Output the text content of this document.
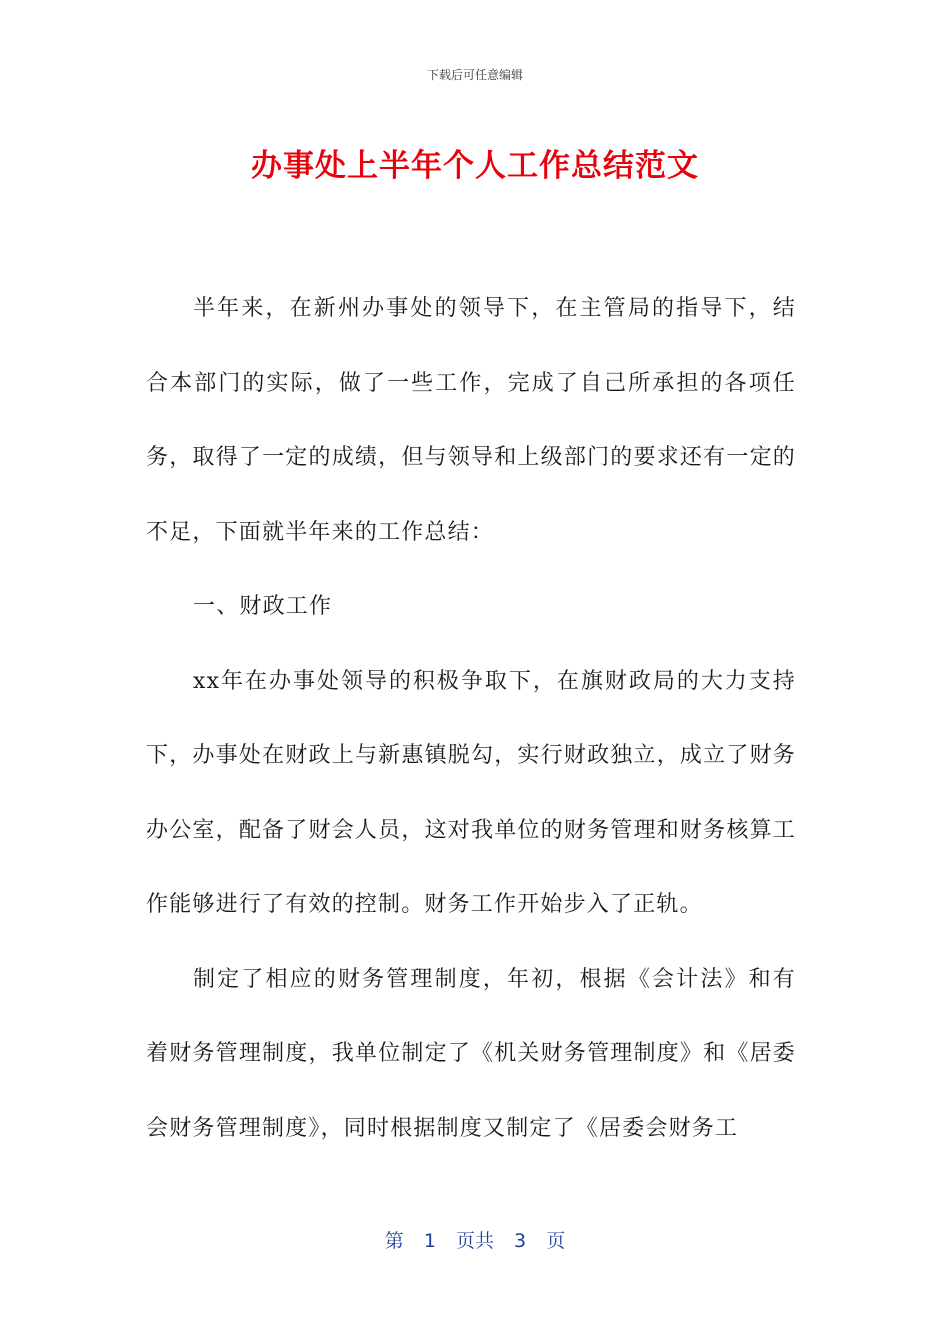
下载后可任意编辑
办事处上半年个人工作总结范文

半年来，在新州办事处的领导下，在主管局的指导下，结合本部门的实际，做了一些工作，完成了自己所承担的各项任务，取得了一定的成绩，但与领导和上级部门的要求还有一定的不足，下面就半年来的工作总结：

一、财政工作

xx年在办事处领导的积极争取下，在旗财政局的大力支持下，办事处在财政上与新惠镇脱勾，实行财政独立，成立了财务办公室，配备了财会人员，这对我单位的财务管理和财务核算工作能够进行了有效的控制。财务工作开始步入了正轨。

制定了相应的财务管理制度，年初，根据《会计法》和有着财务管理制度，我单位制定了《机关财务管理制度》和《居委会财务管理制度》，同时根据制度又制定了《居委会财务工

第 1 页共 3 页
